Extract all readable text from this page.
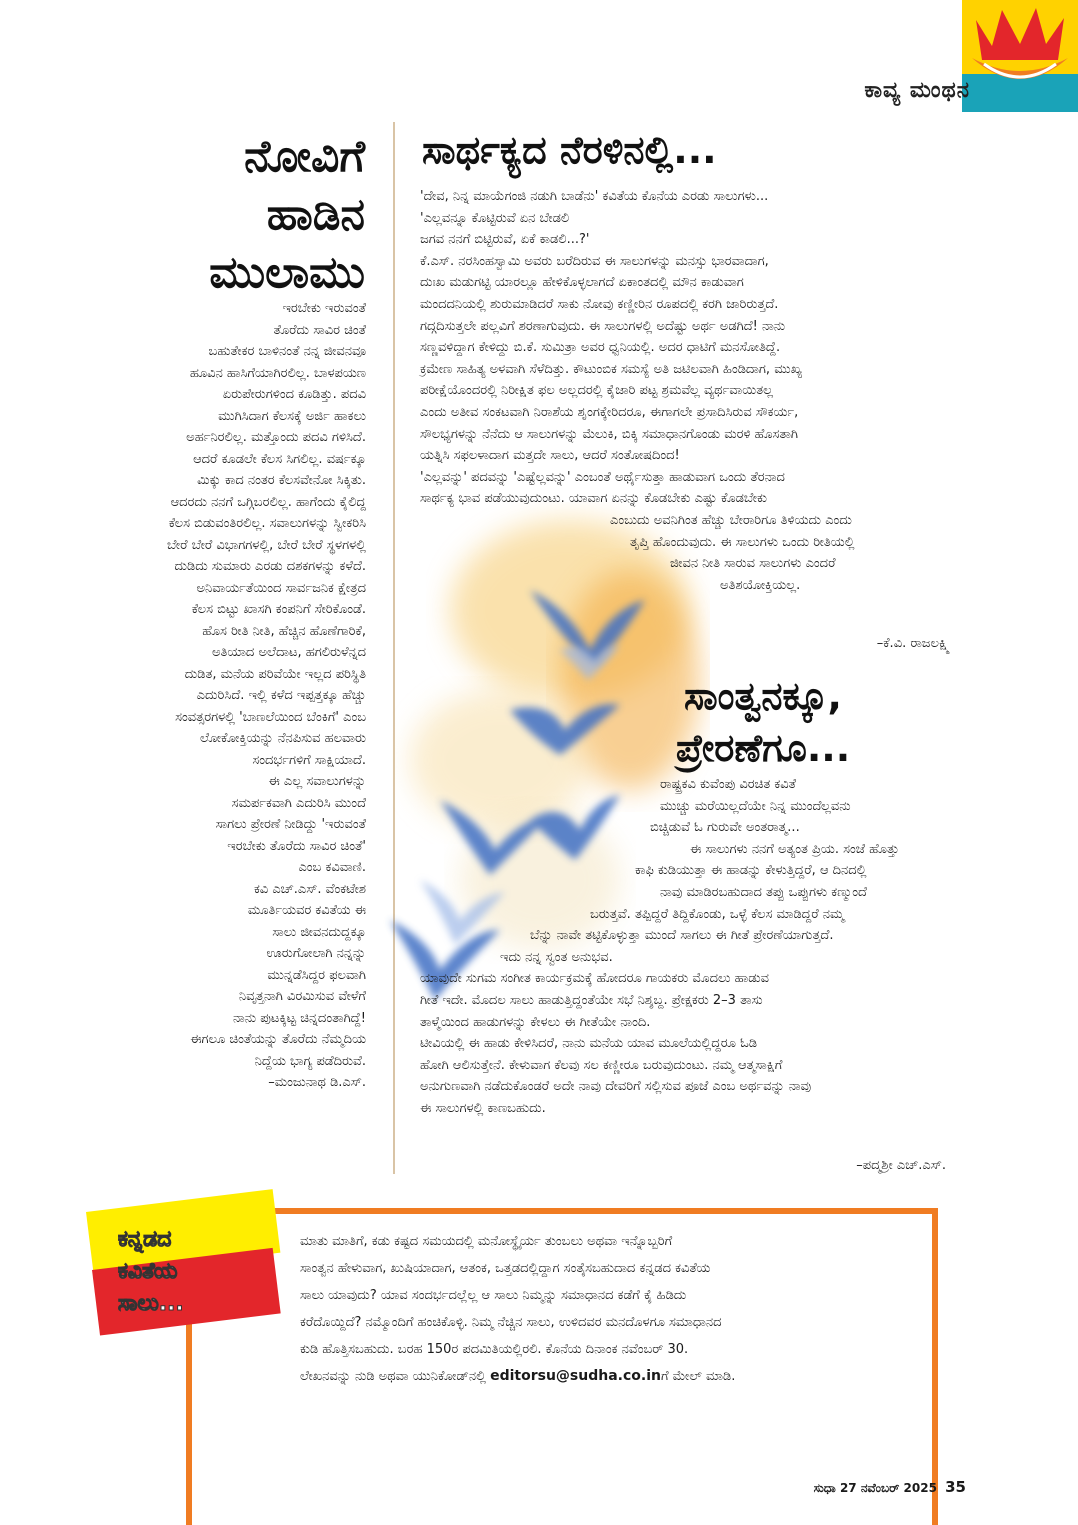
ಕಾವ್ಯ ಮಂಥನ
ನೋವಿಗೆ
ಹಾಡಿನ
ಮುಲಾಮು
ಇರಬೇಕು ಇರುವಂತೆ
ತೊರೆದು ಸಾವಿರ ಚಿಂತೆ
ಬಹುತೇಕರ ಬಾಳಿನಂತೆ ನನ್ನ ಜೀವನವೂ
ಹೂವಿನ ಹಾಸಿಗೆಯಾಗಿರಲಿಲ್ಲ. ಬಾಳಪಯಣ
ಏರುಪೇರುಗಳಿಂದ ಕೂಡಿತ್ತು. ಪದವಿ
ಮುಗಿಸಿದಾಗ ಕೆಲಸಕ್ಕೆ ಅರ್ಜಿ ಹಾಕಲು
ಅರ್ಹನಿರಲಿಲ್ಲ. ಮತ್ತೊಂದು ಪದವಿ ಗಳಿಸಿದೆ.
ಆದರೆ ಕೂಡಲೇ ಕೆಲಸ ಸಿಗಲಿಲ್ಲ. ವರ್ಷಕ್ಕೂ
ಮಿಕ್ಕು ಕಾದ ನಂತರ ಕೆಲಸವೇನೋ ಸಿಕ್ಕಿತು.
ಆದರದು ನನಗೆ ಒಗ್ಗಿಬರಲಿಲ್ಲ. ಹಾಗೆಂದು ಕೈಲಿದ್ದ
ಕೆಲಸ ಬಿಡುವಂತಿರಲಿಲ್ಲ. ಸವಾಲುಗಳನ್ನು ಸ್ವೀಕರಿಸಿ
ಬೇರೆ ಬೇರೆ ವಿಭಾಗಗಳಲ್ಲಿ, ಬೇರೆ ಬೇರೆ ಸ್ಥಳಗಳಲ್ಲಿ
ದುಡಿದು ಸುಮಾರು ಎರಡು ದಶಕಗಳನ್ನು ಕಳೆದೆ.
ಅನಿವಾರ್ಯತೆಯಿಂದ ಸಾರ್ವಜನಿಕ ಕ್ಷೇತ್ರದ
ಕೆಲಸ ಬಿಟ್ಟು ಖಾಸಗಿ ಕಂಪನಿಗೆ ಸೇರಿಕೊಂಡೆ.
ಹೊಸ ರೀತಿ ನೀತಿ, ಹೆಚ್ಚಿನ ಹೊಣೆಗಾರಿಕೆ,
ಅತಿಯಾದ ಅಲೆದಾಟ, ಹಗಲಿರುಳೆನ್ನದ
ದುಡಿತ, ಮನೆಯ ಪರಿವೆಯೇ ಇಲ್ಲದ ಪರಿಸ್ಥಿತಿ
ಎದುರಿಸಿದೆ. ಇಲ್ಲಿ ಕಳೆದ ಇಪ್ಪತ್ತಕ್ಕೂ ಹೆಚ್ಚು
ಸಂವತ್ಸರಗಳಲ್ಲಿ 'ಬಾಣಲೆಯಿಂದ ಬೆಂಕಿಗೆ' ಎಂಬ
ಲೋಕೋಕ್ತಿಯನ್ನು ನೆನಪಿಸುವ ಹಲವಾರು
ಸಂದರ್ಭಗಳಿಗೆ ಸಾಕ್ಷಿಯಾದೆ.
ಈ ಎಲ್ಲ ಸವಾಲುಗಳನ್ನು
ಸಮರ್ಪಕವಾಗಿ ಎದುರಿಸಿ ಮುಂದೆ
ಸಾಗಲು ಪ್ರೇರಣೆ ನೀಡಿದ್ದು 'ಇರುವಂತೆ
ಇರಬೇಕು ತೊರೆದು ಸಾವಿರ ಚಿಂತೆ'
ಎಂಬ ಕವಿವಾಣಿ.
ಕವಿ ಎಚ್.ಎಸ್. ವೆಂಕಟೇಶ
ಮೂರ್ತಿಯವರ ಕವಿತೆಯ ಈ
ಸಾಲು ಜೀವನದುದ್ದಕ್ಕೂ
ಊರುಗೋಲಾಗಿ ನನ್ನನ್ನು
ಮುನ್ನಡೆಸಿದ್ದರ ಫಲವಾಗಿ
ನಿವೃತ್ತನಾಗಿ ವಿರಮಿಸುವ ವೇಳೆಗೆ
ನಾನು ಪುಟಕ್ಕಿಟ್ಟ ಚಿನ್ನದಂತಾಗಿದ್ದೆ!
ಈಗಲೂ ಚಿಂತೆಯನ್ನು ತೊರೆದು ನೆಮ್ಮದಿಯ
ನಿದ್ದೆಯ ಭಾಗ್ಯ ಪಡೆದಿರುವೆ.
–ಮಂಜುನಾಥ ಡಿ.ಎಸ್.
ಸಾರ್ಥಕ್ಯದ ನೆರಳಿನಲ್ಲಿ...
'ದೇವ, ನಿನ್ನ ಮಾಯೆಗಂಜಿ ನಡುಗಿ ಬಾಡೆನು' ಕವಿತೆಯ ಕೊನೆಯ ಎರಡು ಸಾಲುಗಳು...
'ಎಲ್ಲವನ್ನೂ ಕೊಟ್ಟಿರುವೆ ಏನ ಬೇಡಲಿ
ಜಗವ ನನಗೆ ಬಿಟ್ಟಿರುವೆ, ಏಕೆ ಕಾಡಲಿ...?'
ಕೆ.ಎಸ್. ನರಸಿಂಹಸ್ವಾಮಿ ಅವರು ಬರೆದಿರುವ ಈ ಸಾಲುಗಳನ್ನು ಮನಸ್ಸು ಭಾರವಾದಾಗ,
ದುಃಖ ಮಡುಗಟ್ಟಿ ಯಾರಲ್ಲೂ ಹೇಳಿಕೊಳ್ಳಲಾಗದೆ ಏಕಾಂತದಲ್ಲಿ ಮೌನ ಕಾಡುವಾಗ
ಮಂದದನಿಯಲ್ಲಿ ಶುರುಮಾಡಿದರೆ ಸಾಕು ನೋವು ಕಣ್ಣೀರಿನ ರೂಪದಲ್ಲಿ ಕರಗಿ ಜಾರಿರುತ್ತದೆ.
ಗದ್ಗದಿಸುತ್ತಲೇ ಪಲ್ಲವಿಗೆ ಶರಣಾಗುವುದು. ಈ ಸಾಲುಗಳಲ್ಲಿ ಅದೆಷ್ಟು ಅರ್ಥ ಅಡಗಿದೆ! ನಾನು
ಸಣ್ಣವಳಿದ್ದಾಗ ಕೇಳಿದ್ದು ಬಿ.ಕೆ. ಸುಮಿತ್ರಾ ಅವರ ಧ್ವನಿಯಲ್ಲಿ. ಅದರ ಧಾಟಿಗೆ ಮನಸೋತಿದ್ದೆ.
ಕ್ರಮೇಣ ಸಾಹಿತ್ಯ ಅಳವಾಗಿ ಸೆಳೆದಿತ್ತು. ಕೌಟುಂಬಿಕ ಸಮಸ್ಯೆ ಅತಿ ಜಟಿಲವಾಗಿ ಹಿಂಡಿದಾಗ, ಮುಖ್ಯ
ಪರೀಕ್ಷೆಯೊಂದರಲ್ಲಿ ನಿರೀಕ್ಷಿತ ಫಲ ಅಲ್ಲದರಲ್ಲಿ ಕೈಜಾರಿ ಪಟ್ಟ ಶ್ರಮವೆಲ್ಲ ವ್ಯರ್ಥವಾಯಿತಲ್ಲ
ಎಂದು ಅತೀವ ಸಂಕಟವಾಗಿ ನಿರಾಶೆಯ ಶೃಂಗಕ್ಕೇರಿದರೂ, ಈಗಾಗಲೇ ಪ್ರಸಾದಿಸಿರುವ ಸೌಕರ್ಯ,
ಸೌಲಭ್ಯಗಳನ್ನು ನೆನೆದು ಆ ಸಾಲುಗಳನ್ನು ಮೆಲುಕಿ, ಬಿಕ್ಕಿ ಸಮಾಧಾನಗೊಂಡು ಮರಳಿ ಹೊಸತಾಗಿ
ಯತ್ನಿಸಿ ಸಫಲಳಾದಾಗ ಮತ್ತದೇ ಸಾಲು, ಆದರೆ ಸಂತೋಷದಿಂದ!
'ಎಲ್ಲವನ್ನು' ಪದವನ್ನು 'ಎಷ್ಟೆಲ್ಲವನ್ನು' ಎಂಬಂತೆ ಅರ್ಥೈಸುತ್ತಾ ಹಾಡುವಾಗ ಒಂದು ತೆರನಾದ
ಸಾರ್ಥಕ್ಯ ಭಾವ ಪಡೆಯುವುದುಂಟು. ಯಾವಾಗ ಏನನ್ನು ಕೊಡಬೇಕು ಎಷ್ಟು ಕೊಡಬೇಕು
ಎಂಬುದು ಅವನಿಗಿಂತ ಹೆಚ್ಚು ಬೇರಾರಿಗೂ ತಿಳಿಯದು ಎಂದು
ತೃಪ್ತಿ ಹೊಂದುವುದು. ಈ ಸಾಲುಗಳು ಒಂದು ರೀತಿಯಲ್ಲಿ
ಜೀವನ ನೀತಿ ಸಾರುವ ಸಾಲುಗಳು ಎಂದರೆ
ಅತಿಶಯೋಕ್ತಿಯಲ್ಲ.
–ಕೆ.ವಿ. ರಾಜಲಕ್ಷ್ಮಿ
ಸಾಂತ್ವನಕ್ಕೂ,
ಪ್ರೇರಣೆಗೂ...
ರಾಷ್ಟ್ರಕವಿ ಕುವೆಂಪು ವಿರಚಿತ ಕವಿತೆ
ಮುಚ್ಚು ಮರೆಯಿಲ್ಲದೆಯೇ ನಿನ್ನ ಮುಂದೆಲ್ಲವನು
ಬಿಚ್ಚಿಡುವೆ ಓ ಗುರುವೇ ಅಂತರಾತ್ಮ...
ಈ ಸಾಲುಗಳು ನನಗೆ ಅತ್ಯಂತ ಪ್ರಿಯ. ಸಂಜೆ ಹೊತ್ತು
ಕಾಫಿ ಕುಡಿಯುತ್ತಾ ಈ ಹಾಡನ್ನು ಕೇಳುತ್ತಿದ್ದರೆ, ಆ ದಿನದಲ್ಲಿ
ನಾವು ಮಾಡಿರಬಹುದಾದ ತಪ್ಪು ಒಪ್ಪುಗಳು ಕಣ್ಮುಂದೆ
ಬರುತ್ತವೆ. ತಪ್ಪಿದ್ದರೆ ತಿದ್ದಿಕೊಂಡು, ಒಳ್ಳೆ ಕೆಲಸ ಮಾಡಿದ್ದರೆ ನಮ್ಮ
ಬೆನ್ನು ನಾವೇ ತಟ್ಟಿಕೊಳ್ಳುತ್ತಾ ಮುಂದೆ ಸಾಗಲು ಈ ಗೀತೆ ಪ್ರೇರಣೆಯಾಗುತ್ತದೆ.
ಇದು ನನ್ನ ಸ್ವಂತ ಅನುಭವ.
ಯಾವುದೇ ಸುಗಮ ಸಂಗೀತ ಕಾರ್ಯಕ್ರಮಕ್ಕೆ ಹೋದರೂ ಗಾಯಕರು ಮೊದಲು ಹಾಡುವ
ಗೀತೆ ಇದೇ. ಮೊದಲ ಸಾಲು ಹಾಡುತ್ತಿದ್ದಂತೆಯೇ ಸಭೆ ನಿಶ್ಶಬ್ದ. ಪ್ರೇಕ್ಷಕರು 2–3 ತಾಸು
ತಾಳ್ಮೆಯಿಂದ ಹಾಡುಗಳನ್ನು ಕೇಳಲು ಈ ಗೀತೆಯೇ ನಾಂದಿ.
ಟೀವಿಯಲ್ಲಿ ಈ ಹಾಡು ಕೇಳಿಸಿದರೆ, ನಾನು ಮನೆಯ ಯಾವ ಮೂಲೆಯಲ್ಲಿದ್ದರೂ ಓಡಿ
ಹೋಗಿ ಆಲಿಸುತ್ತೇನೆ. ಕೇಳುವಾಗ ಕೆಲವು ಸಲ ಕಣ್ಣೀರೂ ಬರುವುದುಂಟು. ನಮ್ಮ ಆತ್ಮಸಾಕ್ಷಿಗೆ
ಅನುಗುಣವಾಗಿ ನಡೆದುಕೊಂಡರೆ ಅದೇ ನಾವು ದೇವರಿಗೆ ಸಲ್ಲಿಸುವ ಪೂಜೆ ಎಂಬ ಅರ್ಥವನ್ನು ನಾವು
ಈ ಸಾಲುಗಳಲ್ಲಿ ಕಾಣಬಹುದು.
–ಪದ್ಮಶ್ರೀ ಎಚ್.ಎಸ್.
ಕನ್ನಡದ
ಕವಿತೆಯ
ಸಾಲು...
ಮಾತು ಮಾತಿಗೆ, ಕಡು ಕಷ್ಟದ ಸಮಯದಲ್ಲಿ ಮನೋಸ್ಥೈರ್ಯ ತುಂಬಲು ಅಥವಾ ಇನ್ನೊಬ್ಬರಿಗೆ
ಸಾಂತ್ವನ ಹೇಳುವಾಗ, ಖುಷಿಯಾದಾಗ, ಆತಂಕ, ಒತ್ತಡದಲ್ಲಿದ್ದಾಗ ಸಂತೈಸಬಹುದಾದ ಕನ್ನಡದ ಕವಿತೆಯ
ಸಾಲು ಯಾವುದು? ಯಾವ ಸಂದರ್ಭದಲ್ಲೆಲ್ಲ ಆ ಸಾಲು ನಿಮ್ಮನ್ನು ಸಮಾಧಾನದ ಕಡೆಗೆ ಕೈ ಹಿಡಿದು
ಕರೆದೊಯ್ದಿದೆ? ನಮ್ಮೊಂದಿಗೆ ಹಂಚಿಕೊಳ್ಳಿ. ನಿಮ್ಮ ನೆಚ್ಚಿನ ಸಾಲು, ಉಳಿದವರ ಮನದೊಳಗೂ ಸಮಾಧಾನದ
ಕುಡಿ ಹೊತ್ತಿಸಬಹುದು. ಬರಹ 150ರ ಪದಮಿತಿಯಲ್ಲಿರಲಿ. ಕೊನೆಯ ದಿನಾಂಕ ನವೆಂಬರ್ 30.
ಲೇಖನವನ್ನು ನುಡಿ ಅಥವಾ ಯುನಿಕೋಡ್‌ನಲ್ಲಿ editorsu@sudha.co.inಗೆ ಮೇಲ್ ಮಾಡಿ.
ಸುಧಾ 27 ನವೆಂಬರ್ 2025 35
